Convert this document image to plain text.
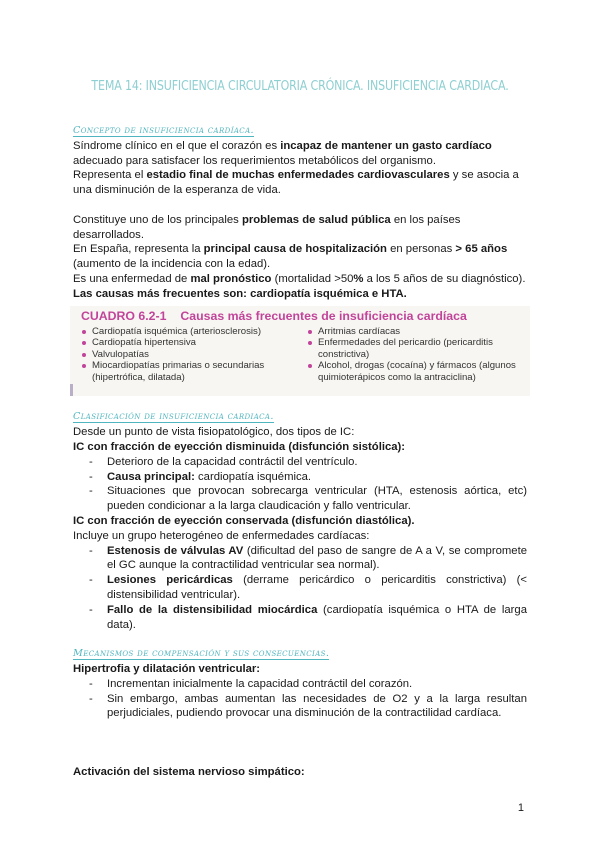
TEMA 14: INSUFICIENCIA CIRCULATORIA CRÓNICA. INSUFICIENCIA CARDIACA.
Concepto de insuficiencia cardíaca.

Síndrome clínico en el que el corazón es incapaz de mantener un gasto cardíaco adecuado para satisfacer los requerimientos metabólicos del organismo.

Representa el estadio final de muchas enfermedades cardiovasculares y se asocia a una disminución de la esperanza de vida.

Constituye uno de los principales problemas de salud pública en los países desarrollados.

En España, representa la principal causa de hospitalización en personas > 65 años (aumento de la incidencia con la edad).

Es una enfermedad de mal pronóstico (mortalidad >50% a los 5 años de su diagnóstico).

Las causas más frecuentes son: cardiopatía isquémica e HTA.

CUADRO 6.2-1 Causas más frecuentes de insuficiencia cardíaca
Cardiopatía isquémica (arteriosclerosis)
Cardiopatía hipertensiva
Valvulopatías
Miocardiopatías primarias o secundarias (hipertrófica, dilatada)
Arritmias cardíacas
Enfermedades del pericardio (pericarditis constrictiva)
Alcohol, drogas (cocaína) y fármacos (algunos quimioterápicos como la antraciclina)
Clasificación de insuficiencia cardiaca.

Desde un punto de vista fisiopatológico, dos tipos de IC:

IC con fracción de eyección disminuida (disfunción sistólica):

- Deterioro de la capacidad contráctil del ventrículo.
- Causa principal: cardiopatía isquémica.
- Situaciones que provocan sobrecarga ventricular (HTA, estenosis aórtica, etc) pueden condicionar a la larga claudicación y fallo ventricular.

IC con fracción de eyección conservada (disfunción diastólica).

Incluye un grupo heterogéneo de enfermedades cardíacas:

- Estenosis de válvulas AV (dificultad del paso de sangre de A a V, se compromete el GC aunque la contractilidad ventricular sea normal).
- Lesiones pericárdicas (derrame pericárdico o pericarditis constrictiva) (< distensibilidad ventricular).
- Fallo de la distensibilidad miocárdica (cardiopatía isquémica o HTA de larga data).
Mecanismos de compensación y sus consecuencias.

Hipertrofia y dilatación ventricular:

- Incrementan inicialmente la capacidad contráctil del corazón.
- Sin embargo, ambas aumentan las necesidades de O2 y a la larga resultan perjudiciales, pudiendo provocar una disminución de la contractilidad cardíaca.

Activación del sistema nervioso simpático:

1
